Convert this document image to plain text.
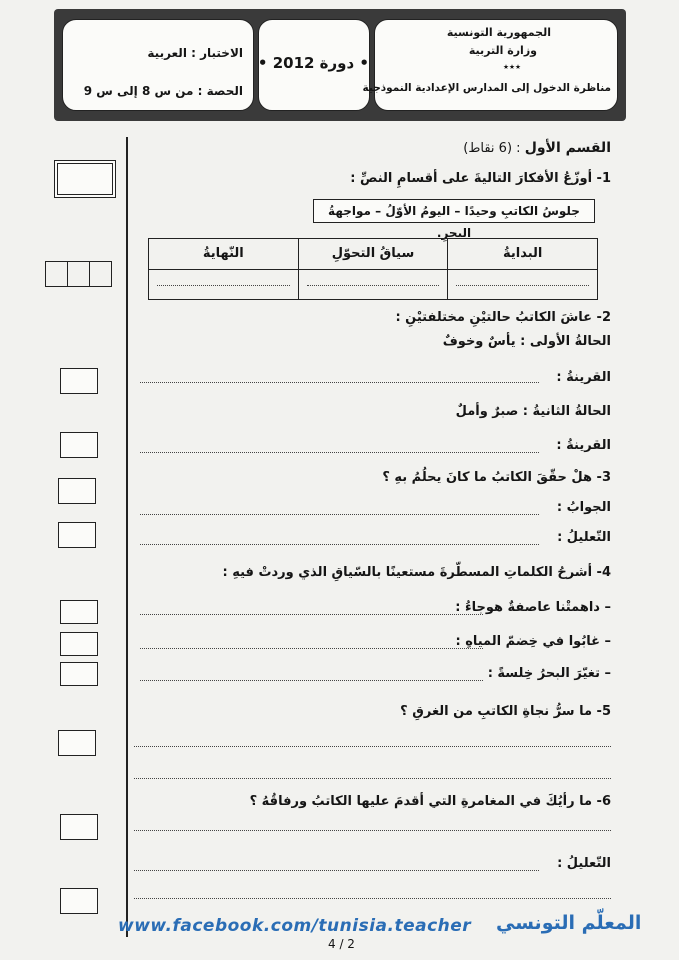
الاختبار : العربية
الحصة : من س 8 إلى س 9
• دورة 2012 •
الجمهورية التونسية
وزارة التربية
٭٭٭
مناظرة الدخول إلى المدارس الإعدادية النموذجية
القسم الأول : (6 نقاط)
1- أوزّعُ الأفكارَ التاليةَ على أقسامِ النصِّ :
جلوسُ الكاتبِ وحيدًا – اليومُ الأوّلُ – مواجهةُ البحرِ.
البدايةُ
سياقُ التحوّلِ
النّهايةُ
2- عاشَ الكاتبُ حالتيْنِ مختلفتيْنِ :
الحالةُ الأولى : يأسٌ وخوفٌ
القرينةُ :
الحالةُ الثانيةُ : صبرٌ وأملٌ
القرينةُ :
3- هلْ حقّقَ الكاتبُ ما كانَ يحلُمُ بهِ ؟
الجوابُ :
التّعليلُ :
4- أشرحُ الكلماتِ المسطّرةَ مستعينًا بالسّياقِ الذي وردتْ فيهِ :
– داهمتْنا عاصفةٌ هوجاءُ :
– غابُوا في خِضمّ المياهِ :
– تغيّرَ البحرُ خِلسةً :
5- ما سرُّ نجاةِ الكاتبِ من الغرقِ ؟
6- ما رأيُكَ في المغامرةِ التي أقدمَ عليها الكاتبُ ورفاقُهُ ؟
التّعليلُ :
www.facebook.com/tunisia.teacher المعلّم التونسي
4 / 2
